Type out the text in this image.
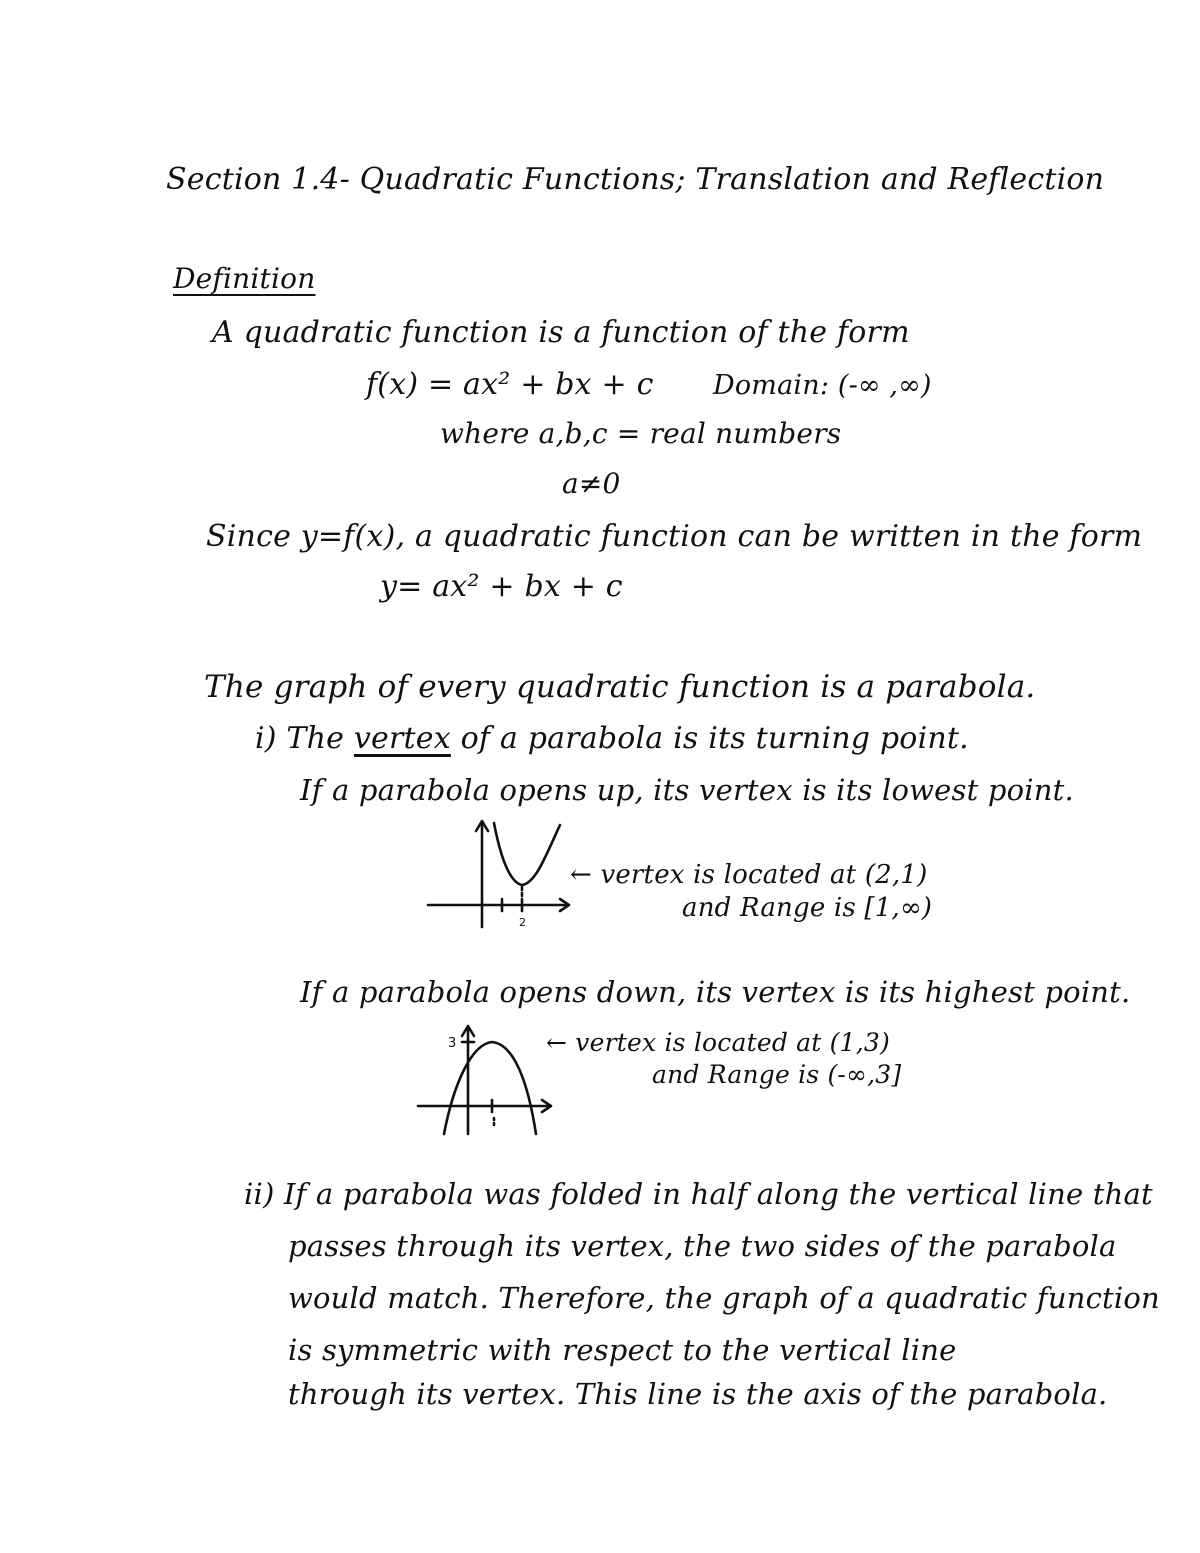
Section 1.4- Quadratic Functions; Translation and Reflection
Definition
A quadratic function is a function of the form
f(x) = ax² + bx + c Domain: (-∞ ,∞)
where a,b,c = real numbers
a≠0
Since y=f(x), a quadratic function can be written in the form
y= ax² + bx + c
The graph of every quadratic function is a parabola.
i) The vertex of a parabola is its turning point.
If a parabola opens up, its vertex is its lowest point.
2
← vertex is located at (2,1)
and Range is [1,∞)
If a parabola opens down, its vertex is its highest point.
3	← vertex is located at (1,3)
and Range is (-∞,3]
ii) If a parabola was folded in half along the vertical line that
passes through its vertex, the two sides of the parabola
would match. Therefore, the graph of a quadratic function
is symmetric with respect to the vertical line
through its vertex. This line is the axis of the parabola.
